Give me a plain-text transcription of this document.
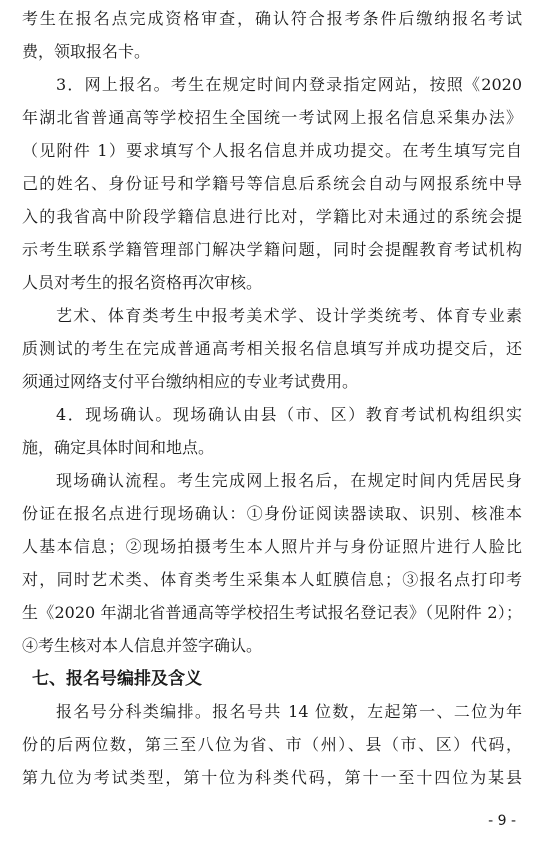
考生在报名点完成资格审查，确认符合报考条件后缴纳报名考试
费，领取报名卡。
3．网上报名。考生在规定时间内登录指定网站，按照《2020
年湖北省普通高等学校招生全国统一考试网上报名信息采集办法》
（见附件 1）要求填写个人报名信息并成功提交。在考生填写完自
己的姓名、身份证号和学籍号等信息后系统会自动与网报系统中导
入的我省高中阶段学籍信息进行比对，学籍比对未通过的系统会提
示考生联系学籍管理部门解决学籍问题，同时会提醒教育考试机构
人员对考生的报名资格再次审核。
艺术、体育类考生中报考美术学、设计学类统考、体育专业素
质测试的考生在完成普通高考相关报名信息填写并成功提交后，还
须通过网络支付平台缴纳相应的专业考试费用。
4．现场确认。现场确认由县（市、区）教育考试机构组织实
施，确定具体时间和地点。
现场确认流程。考生完成网上报名后，在规定时间内凭居民身
份证在报名点进行现场确认：①身份证阅读器读取、识别、核准本
人基本信息；②现场拍摄考生本人照片并与身份证照片进行人脸比
对，同时艺术类、体育类考生采集本人虹膜信息；③报名点打印考
生《2020 年湖北省普通高等学校招生考试报名登记表》（见附件 2）；
④考生核对本人信息并签字确认。
七、报名号编排及含义
报名号分科类编排。报名号共 14 位数，左起第一、二位为年
份的后两位数，第三至八位为省、市（州）、县（市、区）代码，
第九位为考试类型，第十位为科类代码，第十一至十四位为某县
- 9 -
